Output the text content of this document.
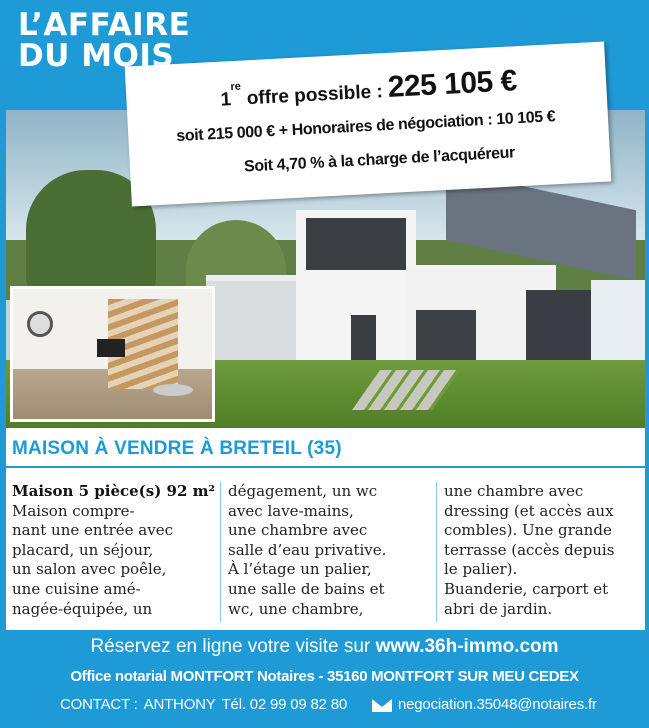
L’AFFAIRE
DU MOIS
1re offre possible : 225 105 €
soit 215 000 € + Honoraires de négociation : 10 105 €
Soit 4,70 % à la charge de l’acquéreur
MAISON À VENDRE À BRETEIL (35)
Maison 5 pièce(s) 92 m²
Maison compre-
nant une entrée avec
placard, un séjour,
un salon avec poêle,
une cuisine amé-
nagée-équipée, un
dégagement, un wc
avec lave-mains,
une chambre avec
salle d’eau privative.
À l’étage un palier,
une salle de bains et
wc, une chambre,
une chambre avec
dressing (et accès aux
combles). Une grande
terrasse (accès depuis
le palier).
Buanderie, carport et
abri de jardin.
Réservez en ligne votre visite sur www.36h-immo.com
Office notarial MONTFORT Notaires - 35160 MONTFORT SUR MEU CEDEX
CONTACT : ANTHONY Tél. 02 99 09 82 80	negociation.35048@notaires.fr
